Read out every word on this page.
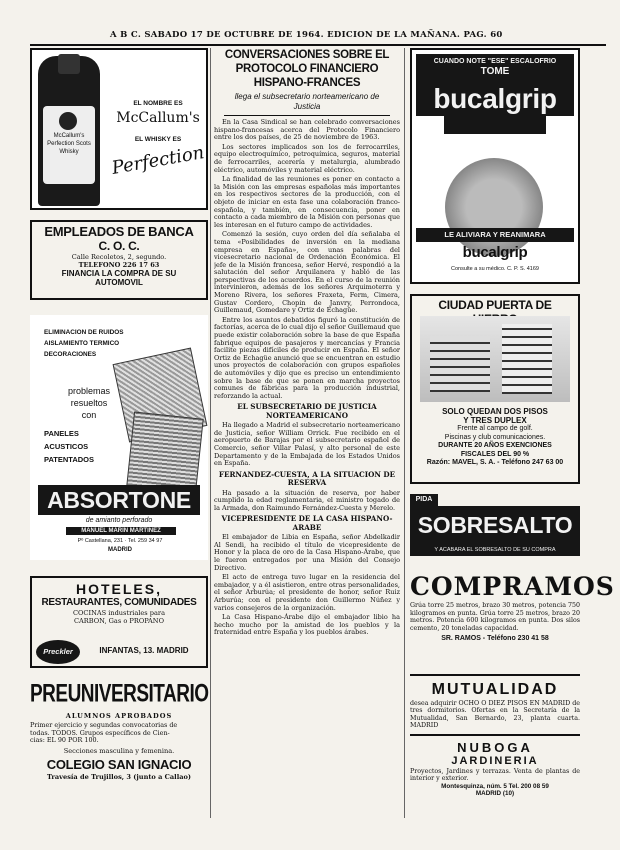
A B C. SABADO 17 DE OCTUBRE DE 1964. EDICION DE LA MAÑANA. PAG. 60
McCallum's Perfection Scots Whisky
EL NOMBRE ES
McCallum's
EL WHISKY ES
Perfection
EMPLEADOS DE BANCA
C. O. C.
Calle Recoletos, 2, segundo.
TELEFONO 226 17 63
FINANCIA LA COMPRA DE SU
AUTOMOVIL
ELIMINACION DE RUIDOS
AISLAMIENTO TERMICO
DECORACIONES
problemas
resueltos
con
PANELES
ACUSTICOS
PATENTADOS
ABSORTONE
de amianto perforado
MANUEL MARIN MARTINEZ
Pº Castellana, 231 · Tel. 259 34 97
MADRID
HOTELES,
RESTAURANTES, COMUNIDADES
COCINAS industriales para
CARBON, Gas o PROPANO
Preckler	INFANTAS, 13. MADRID
PREUNIVERSITARIO
ALUMNOS APROBADOS
Primer ejercicio y segundas convocatorias de
todas. TODOS. Grupos específicos de Cien-
cias: EL 90 POR 100.
Secciones masculina y femenina.
COLEGIO SAN IGNACIO
Travesía de Trujillos, 3 (junto a Callao)
CONVERSACIONES SOBRE EL PROTOCOLO FINANCIERO HISPANO-FRANCES
llega el subsecretario norteamericano de Justicia

En la Casa Sindical se han celebrado conversaciones hispano-francesas acerca del Protocolo Financiero entre los dos países, de 25 de noviembre de 1963.

Los sectores implicados son los de ferrocarriles, equipo electroquímico, petroquímica, seguros, material de ferrocarriles, acerería y metalurgia, alumbrado eléctrico, automóviles y material eléctrico.

La finalidad de las reuniones es poner en contacto a la Misión con las empresas españolas más importantes en los respectivos sectores de la producción, con el objeto de iniciar en esta fase una colaboración franco-española, y también, en consecuencia, poner en contacto a cada miembro de la Misión con personas que les interesan en el futuro campo de actividades.

Comenzó la sesión, cuyo orden del día señalaba el tema «Posibilidades de inversión en la mediana empresa en España», con unas palabras del vicesecretario nacional de Ordenación Económica. El jefe de la Misión francesa, señor Hervé, respondió a la salutación del señor Arquilanera y habló de las perspectivas de los acuerdos. En el curso de la reunión intervinieron, además de los señores Arquimoterra y Moreno Rivera, los señores Fraxeta, Ferm, Cimera, Gustav Cordero, Chopin de Janvry, Perrondoca, Guillemaud, Gomedare y Ortiz de Echagüe.

Entre los asuntos debatidos figuró la constitución de factorías, acerca de lo cual dijo el señor Guillemaud que puede existir colaboración sobre la base de que España fabrique equipos de pasajeros y mercancías y Francia facilite piezas difíciles de producir en España. El señor Ortiz de Echagüe anunció que se encuentran en estudio unos proyectos de colaboración con grupos españoles de automóviles y dijo que es preciso un entendimiento sobre la base de que se ponen en marcha proyectos comunes de fábricas para la producción industrial, reforzando la actual.

EL SUBSECRETARIO DE JUSTICIA NORTEAMERICANO

Ha llegado a Madrid el subsecretario norteamericano de Justicia, señor William Orrick. Fue recibido en el aeropuerto de Barajas por el subsecretario español de Comercio, señor Villar Palasí, y alto personal de este Departamento y de la Embajada de los Estados Unidos en España.

FERNANDEZ-CUESTA, A LA SITUACION DE RESERVA

Ha pasado a la situación de reserva, por haber cumplido la edad reglamentaria, el ministro togado de la Armada, don Raimundo Fernández-Cuesta y Merelo.

VICEPRESIDENTE DE LA CASA HISPANO-ARABE

El embajador de Libia en España, señor Abdelkadir Al Sendi, ha recibido el título de vicepresidente de Honor y la placa de oro de la Casa Hispano-Árabe, que le fueron entregados por una Misión del Consejo Directivo.

El acto de entrega tuvo lugar en la residencia del embajador, y a él asistieron, entre otras personalidades, el señor Arburúa; el presidente de honor, señor Ruiz Arburúa; con el presidente don Guillermo Núñez y varios consejeros de la organización.

La Casa Hispano-Árabe dijo el embajador libio ha hecho mucho por la amistad de los pueblos y la fraternidad entre España y los pueblos árabes.

CUANDO NOTE "ESE" ESCALOFRIO
TOME
bucalgrip
LE ALIVIARA Y REANIMARA
bucalgrip
Consulte a su médico. C. P. S. 4169
CIUDAD PUERTA DE
SOLO QUEDAN DOS PISOS
Y TRES DUPLEX
Frente al campo de golf.
Piscinas y club comunicaciones.
DURANTE 20 AÑOS EXENCIONES
FISCALES DEL 90 %
Razón: MAVEL, S. A. - Teléfono 247 63 00
PIDA
SOBRESALTO
Y ACABARA EL SOBRESALTO DE SU COMPRA
COMPRAMOS
Grúa torre 25 metros, brazo 30 metros, potencia 750 kilogramos en punta. Grúa torre 25 metros, brazo 20 metros. Potencia 600 kilogramos en punta. Dos silos cemento, 20 toneladas capacidad.
SR. RAMOS - Teléfono 230 41 58
MUTUALIDAD
desea adquirir OCHO O DIEZ PISOS EN MADRID de tres dormitorios. Ofertas en la Secretaría de la Mutualidad, San Bernardo, 23, planta cuarta. MADRID
NUBOGA
JARDINERIA
Proyectos, Jardines y terrazas. Venta de plantas de interior y exterior.
Montesquinza, núm. 5 Tel. 200 08 59
MADRID (10)
